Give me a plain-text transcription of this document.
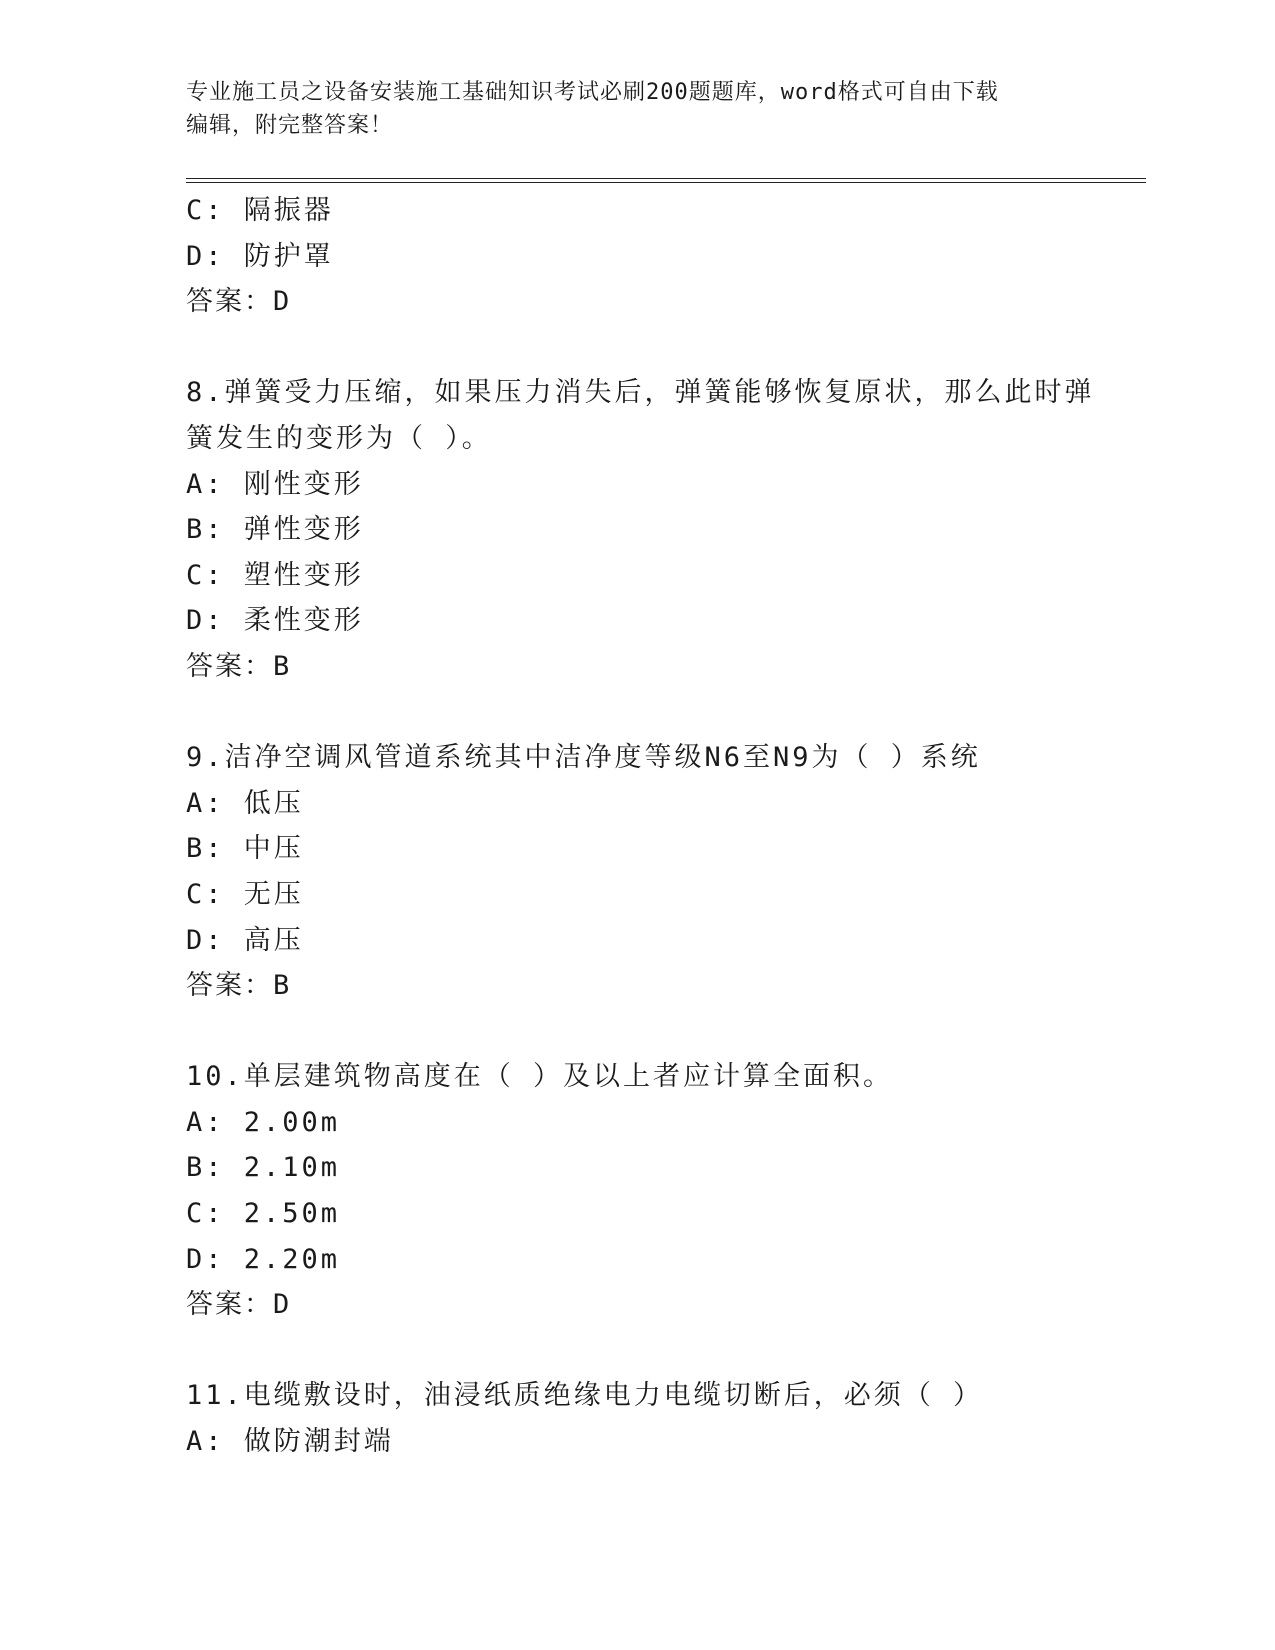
专业施工员之设备安装施工基础知识考试必刷200题题库，word格式可自由下载
编辑，附完整答案！
C: 隔振器
D: 防护罩
答案：D
8.弹簧受力压缩，如果压力消失后，弹簧能够恢复原状，那么此时弹
簧发生的变形为（ ）。
A: 刚性变形
B: 弹性变形
C: 塑性变形
D: 柔性变形
答案：B
9.洁净空调风管道系统其中洁净度等级N6至N9为（ ）系统
A: 低压
B: 中压
C: 无压
D: 高压
答案：B
10.单层建筑物高度在（ ）及以上者应计算全面积。
A: 2.00m
B: 2.10m
C: 2.50m
D: 2.20m
答案：D
11.电缆敷设时，油浸纸质绝缘电力电缆切断后，必须（ ）
A: 做防潮封端
